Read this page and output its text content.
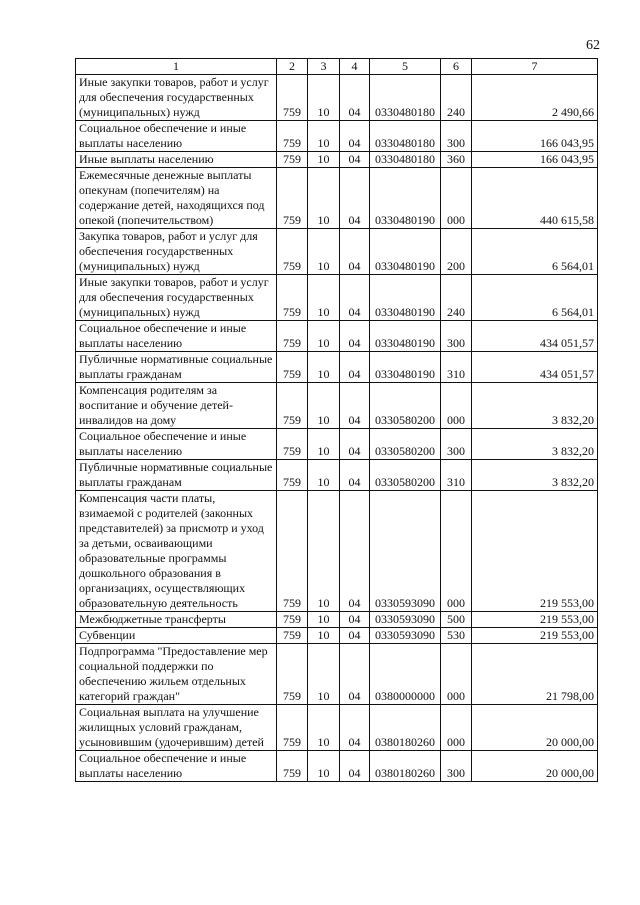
62
1	2	3	4	5	6	7
Иные закупки товаров, работ и услуг для обеспечения государственных (муниципальных) нужд	759	10	04	0330480180	240	2 490,66
Социальное обеспечение и иные выплаты населению	759	10	04	0330480180	300	166 043,95
Иные выплаты населению	759	10	04	0330480180	360	166 043,95
Ежемесячные денежные выплаты опекунам (попечителям) на содержание детей, находящихся под опекой (попечительством)	759	10	04	0330480190	000	440 615,58
Закупка товаров, работ и услуг для обеспечения государственных (муниципальных) нужд	759	10	04	0330480190	200	6 564,01
Иные закупки товаров, работ и услуг для обеспечения государственных (муниципальных) нужд	759	10	04	0330480190	240	6 564,01
Социальное обеспечение и иные выплаты населению	759	10	04	0330480190	300	434 051,57
Публичные нормативные социальные выплаты гражданам	759	10	04	0330480190	310	434 051,57
Компенсация родителям за воспитание и обучение детей-инвалидов на дому	759	10	04	0330580200	000	3 832,20
Социальное обеспечение и иные выплаты населению	759	10	04	0330580200	300	3 832,20
Публичные нормативные социальные выплаты гражданам	759	10	04	0330580200	310	3 832,20
Компенсация части платы, взимаемой с родителей (законных представителей) за присмотр и уход за детьми, осваивающими образовательные программы дошкольного образования в организациях, осуществляющих образовательную деятельность	759	10	04	0330593090	000	219 553,00
Межбюджетные трансферты	759	10	04	0330593090	500	219 553,00
Субвенции	759	10	04	0330593090	530	219 553,00
Подпрограмма "Предоставление мер социальной поддержки по обеспечению жильем отдельных категорий граждан"	759	10	04	0380000000	000	21 798,00
Социальная выплата на улучшение жилищных условий гражданам, усыновившим (удочерившим) детей	759	10	04	0380180260	000	20 000,00
Социальное обеспечение и иные выплаты населению	759	10	04	0380180260	300	20 000,00
